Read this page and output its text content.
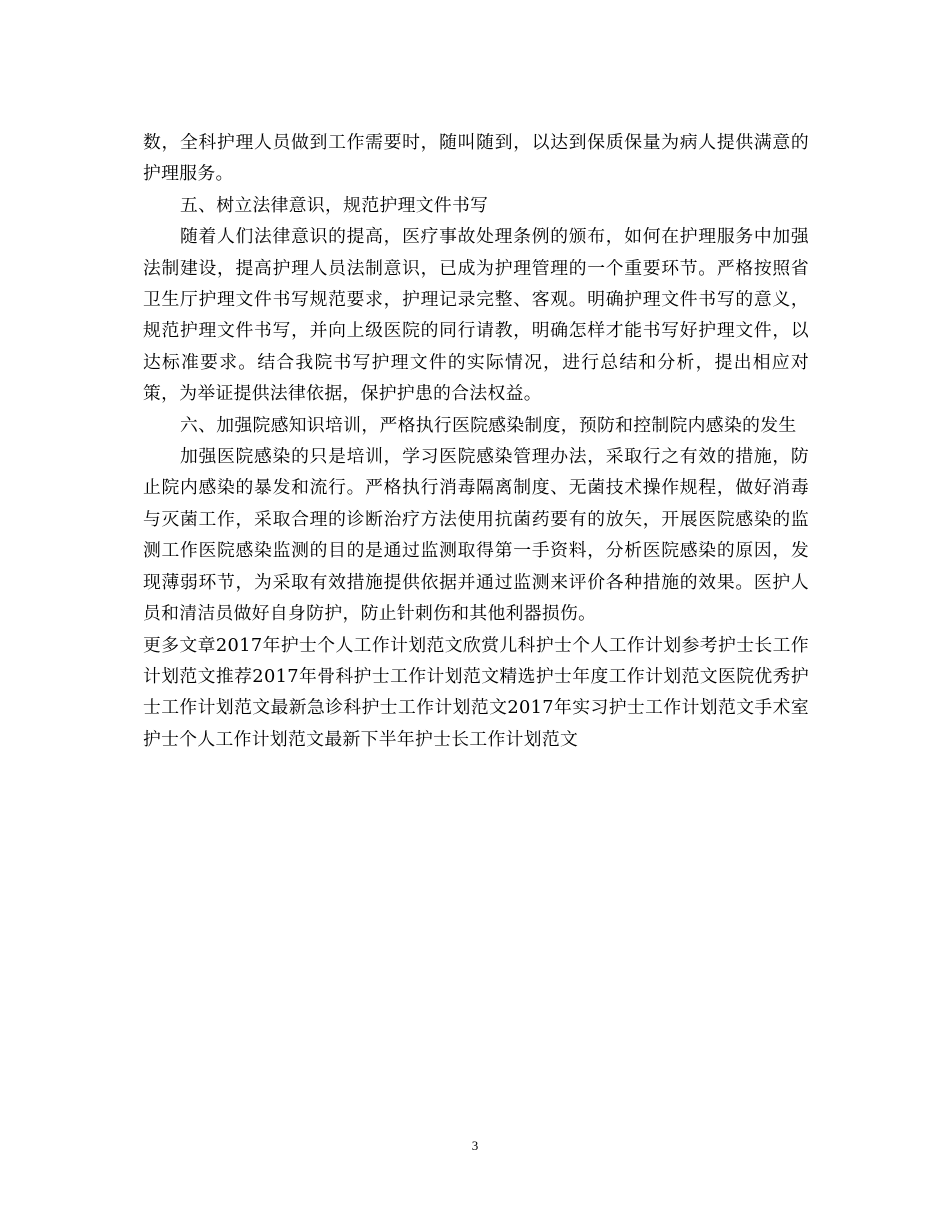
数，全科护理人员做到工作需要时，随叫随到，以达到保质保量为病人提供满意的护理服务。

五、树立法律意识，规范护理文件书写

随着人们法律意识的提高，医疗事故处理条例的颁布，如何在护理服务中加强法制建设，提高护理人员法制意识，已成为护理管理的一个重要环节。严格按照省卫生厅护理文件书写规范要求，护理记录完整、客观。明确护理文件书写的意义，规范护理文件书写，并向上级医院的同行请教，明确怎样才能书写好护理文件，以达标准要求。结合我院书写护理文件的实际情况，进行总结和分析，提出相应对策，为举证提供法律依据，保护护患的合法权益。

六、加强院感知识培训，严格执行医院感染制度，预防和控制院内感染的发生

加强医院感染的只是培训，学习医院感染管理办法，采取行之有效的措施，防止院内感染的暴发和流行。严格执行消毒隔离制度、无菌技术操作规程，做好消毒与灭菌工作，采取合理的诊断治疗方法使用抗菌药要有的放矢，开展医院感染的监测工作医院感染监测的目的是通过监测取得第一手资料，分析医院感染的原因，发现薄弱环节，为采取有效措施提供依据并通过监测来评价各种措施的效果。医护人员和清洁员做好自身防护，防止针刺伤和其他利器损伤。

更多文章2017年护士个人工作计划范文欣赏儿科护士个人工作计划参考护士长工作计划范文推荐2017年骨科护士工作计划范文精选护士年度工作计划范文医院优秀护士工作计划范文最新急诊科护士工作计划范文2017年实习护士工作计划范文手术室护士个人工作计划范文最新下半年护士长工作计划范文

3
